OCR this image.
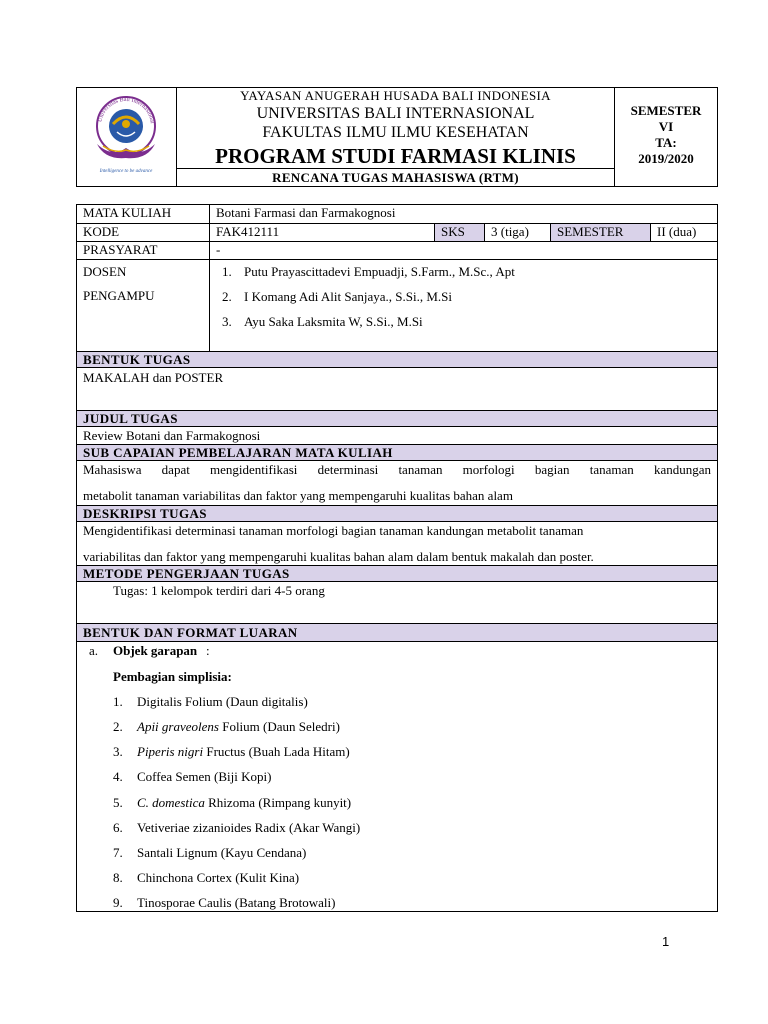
Universitas Bali Internasional
Intelligence to be advance
YAYASAN ANUGERAH HUSADA BALI INDONESIA
UNIVERSITAS BALI INTERNASIONAL
FAKULTAS ILMU ILMU KESEHATAN
PROGRAM STUDI FARMASI KLINIS
RENCANA TUGAS MAHASISWA (RTM)
SEMESTER
VI
TA:
2019/2020
MATA KULIAH	Botani Farmasi dan Farmakognosi
KODE	FAK412111	SKS	3 (tiga)	SEMESTER	II (dua)
PRASYARAT	-
DOSEN
PENGAMPU
1. Putu Prayascittadevi Empuadji, S.Farm., M.Sc., Apt
2. I Komang Adi Alit Sanjaya., S.Si., M.Si
3. Ayu Saka Laksmita W, S.Si., M.Si
BENTUK TUGAS
MAKALAH dan POSTER
JUDUL TUGAS
Review Botani dan Farmakognosi
SUB CAPAIAN PEMBELAJARAN MATA KULIAH
Mahasiswa dapat mengidentifikasi determinasi tanaman morfologi bagian tanaman kandungan
metabolit tanaman variabilitas dan faktor yang mempengaruhi kualitas bahan alam
DESKRIPSI TUGAS
Mengidentifikasi determinasi tanaman morfologi bagian tanaman kandungan metabolit tanaman
variabilitas dan faktor yang mempengaruhi kualitas bahan alam dalam bentuk makalah dan poster.
METODE PENGERJAAN TUGAS
Tugas: 1 kelompok terdiri dari 4-5 orang
BENTUK DAN FORMAT LUARAN
a. Objek garapan :
Pembagian simplisia:
1. Digitalis Folium (Daun digitalis)
2. Apii graveolens Folium (Daun Seledri)
3. Piperis nigri Fructus (Buah Lada Hitam)
4. Coffea Semen (Biji Kopi)
5. C. domestica Rhizoma (Rimpang kunyit)
6. Vetiveriae zizanioides Radix (Akar Wangi)
7. Santali Lignum (Kayu Cendana)
8. Chinchona Cortex (Kulit Kina)
9. Tinosporae Caulis (Batang Brotowali)
1
